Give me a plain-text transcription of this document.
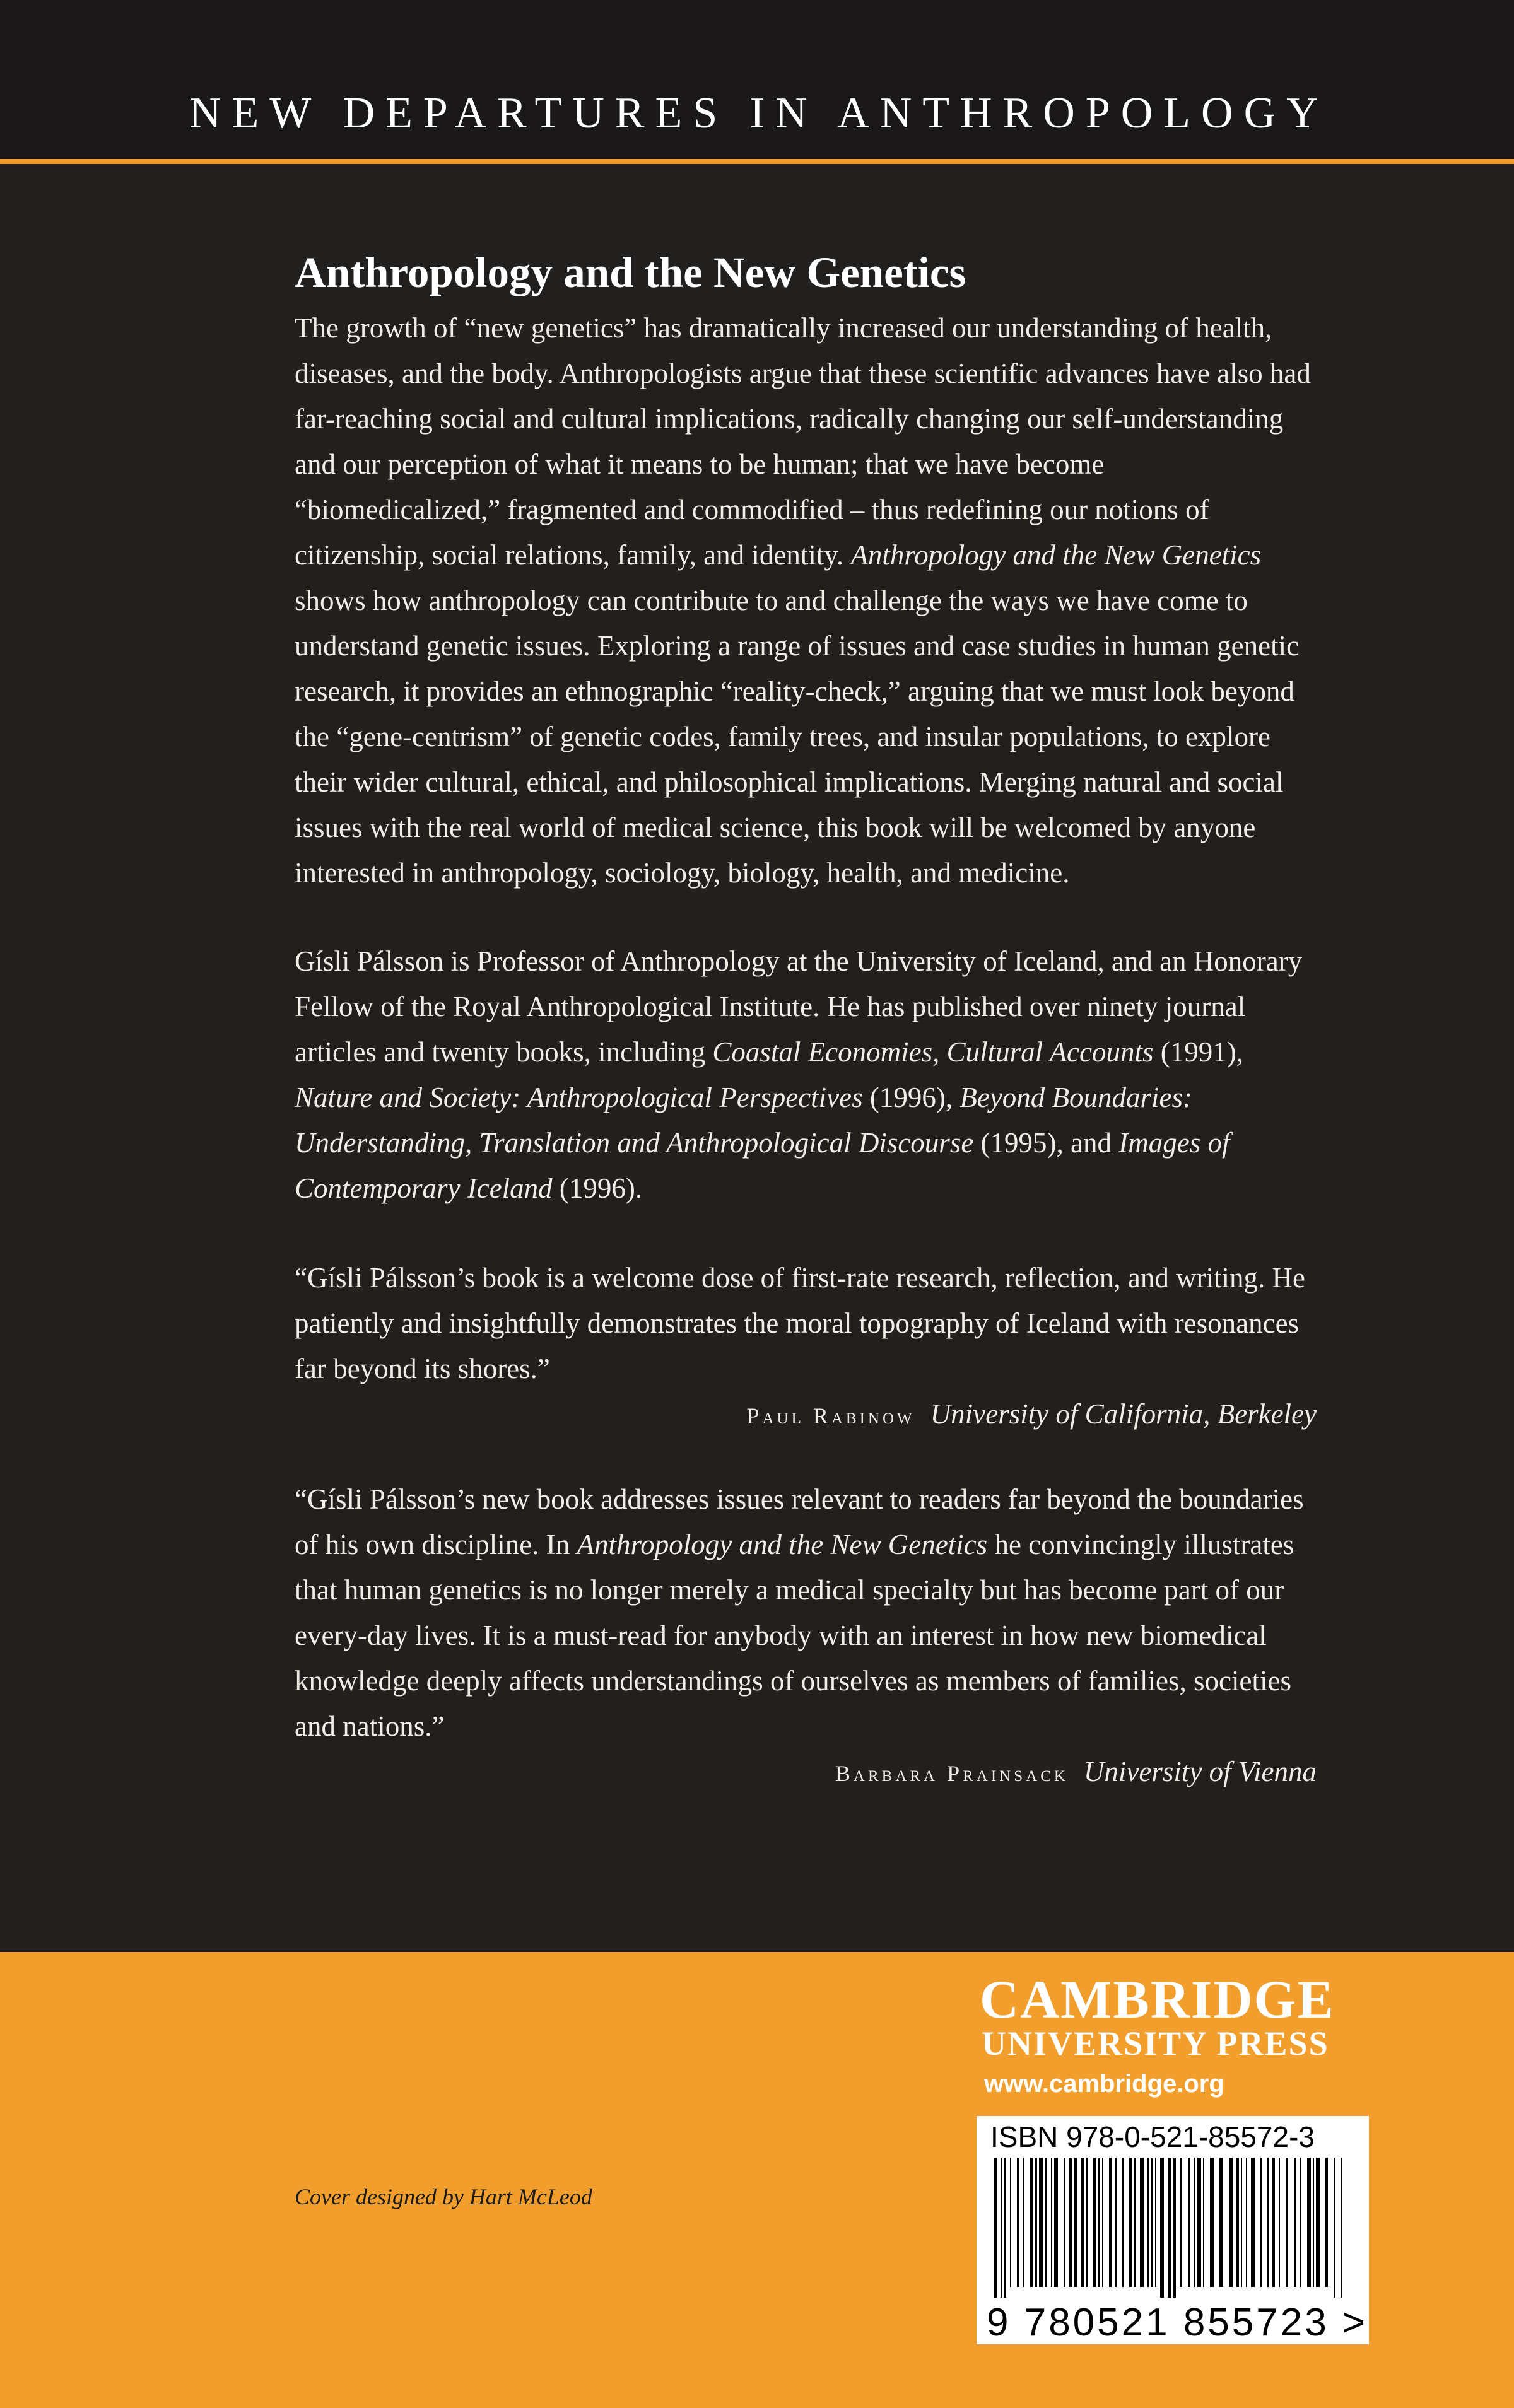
NEW DEPARTURES IN ANTHROPOLOGY
Anthropology and the New Genetics

The growth of “new genetics” has dramatically increased our understanding of health, diseases, and the body. Anthropologists argue that these scientific advances have also had far-reaching social and cultural implications, radically changing our self-understanding and our perception of what it means to be human; that we have become “biomedicalized,” fragmented and commodified – thus redefining our notions of citizenship, social relations, family, and identity. Anthropology and the New Genetics shows how anthropology can contribute to and challenge the ways we have come to understand genetic issues. Exploring a range of issues and case studies in human genetic research, it provides an ethnographic “reality-check,” arguing that we must look beyond the “gene-centrism” of genetic codes, family trees, and insular populations, to explore their wider cultural, ethical, and philosophical implications. Merging natural and social issues with the real world of medical science, this book will be welcomed by anyone interested in anthropology, sociology, biology, health, and medicine.

Gísli Pálsson is Professor of Anthropology at the University of Iceland, and an Honorary Fellow of the Royal Anthropological Institute. He has published over ninety journal articles and twenty books, including Coastal Economies, Cultural Accounts (1991), Nature and Society: Anthropological Perspectives (1996), Beyond Boundaries: Understanding, Translation and Anthropological Discourse (1995), and Images of Contemporary Iceland (1996).

“Gísli Pálsson’s book is a welcome dose of first-rate research, reflection, and writing. He patiently and insightfully demonstrates the moral topography of Iceland with resonances far beyond its shores.”

Paul Rabinow University of California, Berkeley

“Gísli Pálsson’s new book addresses issues relevant to readers far beyond the boundaries of his own discipline. In Anthropology and the New Genetics he convincingly illustrates that human genetics is no longer merely a medical specialty but has become part of our every-day lives. It is a must-read for anybody with an interest in how new biomedical knowledge deeply affects understandings of ourselves as members of families, societies and nations.”

Barbara Prainsack University of Vienna

CAMBRIDGE
UNIVERSITY PRESS
www.cambridge.org
ISBN 978-0-521-85572-3
9 780521 855723 >
Cover designed by Hart McLeod
